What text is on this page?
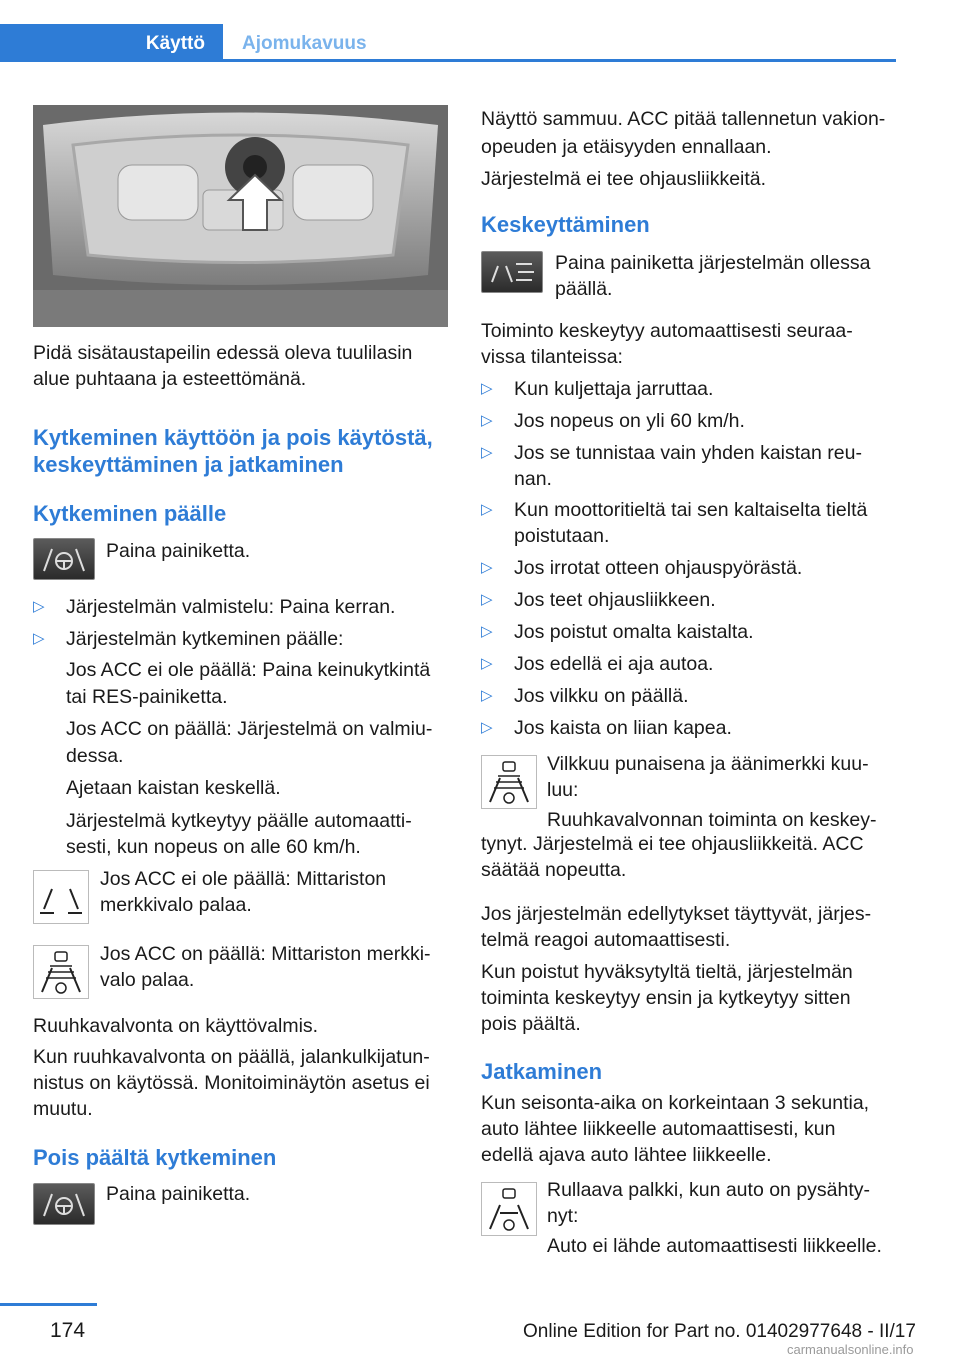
Käyttö Ajomukavuus

Pidä sisätaustapeilin edessä oleva tuulilasin

alue puhtaana ja esteettömänä.

Kytkeminen käyttöön ja pois käytöstä,

keskeyttäminen ja jatkaminen

Kytkeminen päälle
Paina painiketta.
▷ Järjestelmän valmistelu: Paina kerran.
▷ Järjestelmän kytkeminen päälle:

Jos ACC ei ole päällä: Paina keinukytkintä

tai RES-painiketta.

Jos ACC on päällä: Järjestelmä on valmiu‐

dessa.

Ajetaan kaistan keskellä.

Järjestelmä kytkeytyy päälle automaatti‐

sesti, kun nopeus on alle 60 km/h.

Jos ACC ei ole päällä: Mittariston

merkkivalo palaa.

Jos ACC on päällä: Mittariston merkki‐

valo palaa.

Ruuhkavalvonta on käyttövalmis.

Kun ruuhkavalvonta on päällä, jalankulkijatun‐

nistus on käytössä. Monitoiminäytön asetus ei

muutu.

Pois päältä kytkeminen
Paina painiketta.

Näyttö sammuu. ACC pitää tallennetun vakion‐

opeuden ja etäisyyden ennallaan.

Järjestelmä ei tee ohjausliikkeitä.

Keskeyttäminen

Paina painiketta järjestelmän ollessa

päällä.

Toiminto keskeytyy automaattisesti seuraa‐

vissa tilanteissa:

▷ Kun kuljettaja jarruttaa.
▷ Jos nopeus on yli 60 km/h.
▷ Jos se tunnistaa vain yhden kaistan reu‐

nan.

▷ Kun moottoritieltä tai sen kaltaiselta tieltä

poistutaan.

▷ Jos irrotat otteen ohjauspyörästä.
▷ Jos teet ohjausliikkeen.
▷ Jos poistut omalta kaistalta.
▷ Jos edellä ei aja autoa.
▷ Jos vilkku on päällä.
▷ Jos kaista on liian kapea.

Vilkkuu punaisena ja äänimerkki kuu‐

luu:

Ruuhkavalvonnan toiminta on keskey‐

tynyt. Järjestelmä ei tee ohjausliikkeitä. ACC

säätää nopeutta.

Jos järjestelmän edellytykset täyttyvät, järjes‐

telmä reagoi automaattisesti.

Kun poistut hyväksytyltä tieltä, järjestelmän

toiminta keskeytyy ensin ja kytkeytyy sitten

pois päältä.

Jatkaminen

Kun seisonta-aika on korkeintaan 3 sekuntia,

auto lähtee liikkeelle automaattisesti, kun

edellä ajava auto lähtee liikkeelle.

Rullaava palkki, kun auto on pysähty‐

nyt:

Auto ei lähde automaattisesti liikkeelle.

174	Online Edition for Part no. 01402977648 - II/17
carmanualsonline.info
